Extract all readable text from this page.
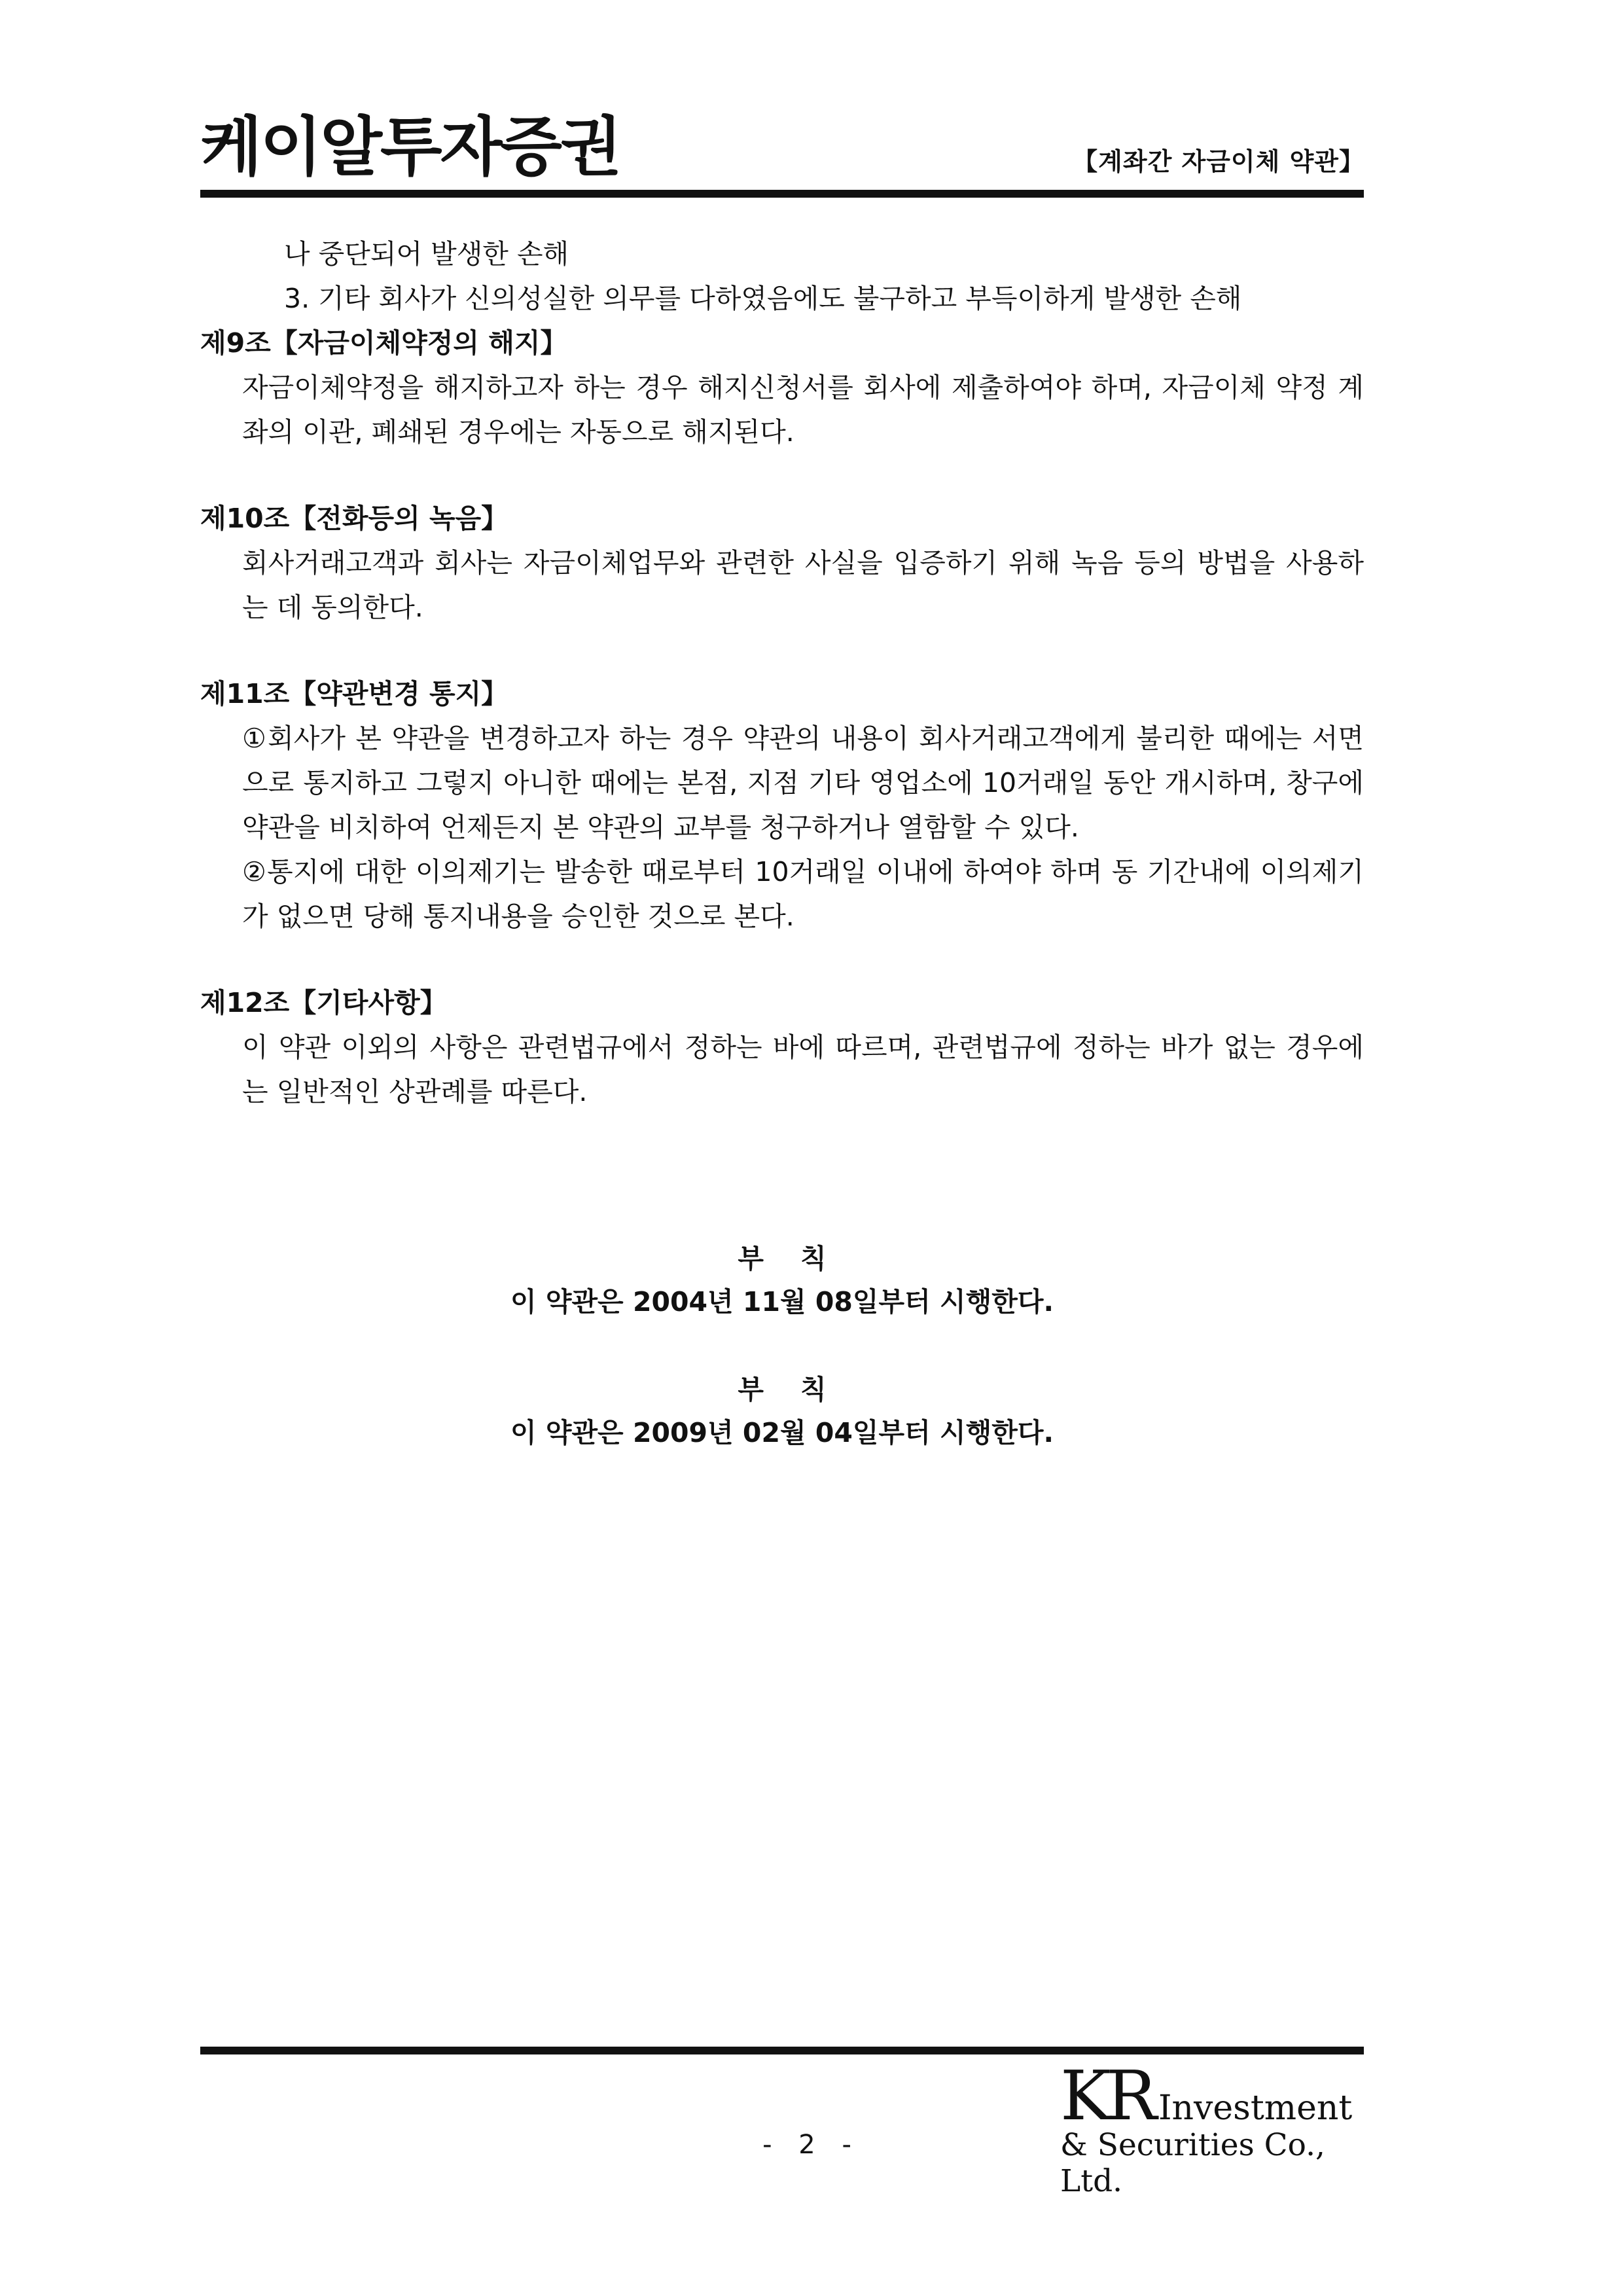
케이알투자증권	【계좌간 자금이체 약관】

나 중단되어 발생한 손해

3. 기타 회사가 신의성실한 의무를 다하였음에도 불구하고 부득이하게 발생한 손해

제9조【자금이체약정의 해지】

자금이체약정을 해지하고자 하는 경우 해지신청서를 회사에 제출하여야 하며, 자금이체 약정 계좌의 이관, 폐쇄된 경우에는 자동으로 해지된다.

제10조【전화등의 녹음】

회사거래고객과 회사는 자금이체업무와 관련한 사실을 입증하기 위해 녹음 등의 방법을 사용하는 데 동의한다.

제11조【약관변경 통지】

①회사가 본 약관을 변경하고자 하는 경우 약관의 내용이 회사거래고객에게 불리한 때에는 서면으로 통지하고 그렇지 아니한 때에는 본점, 지점 기타 영업소에 10거래일 동안 개시하며, 창구에 약관을 비치하여 언제든지 본 약관의 교부를 청구하거나 열함할 수 있다.

②통지에 대한 이의제기는 발송한 때로부터 10거래일 이내에 하여야 하며 동 기간내에 이의제기가 없으면 당해 통지내용을 승인한 것으로 본다.

제12조【기타사항】

이 약관 이외의 사항은 관련법규에서 정하는 바에 따르며, 관련법규에 정하는 바가 없는 경우에는 일반적인 상관례를 따른다.

부칙
이 약관은 2004년 11월 08일부터 시행한다.
부칙
이 약관은 2009년 02월 04일부터 시행한다.
- 2 -
KR Investment
& Securities Co., Ltd.
